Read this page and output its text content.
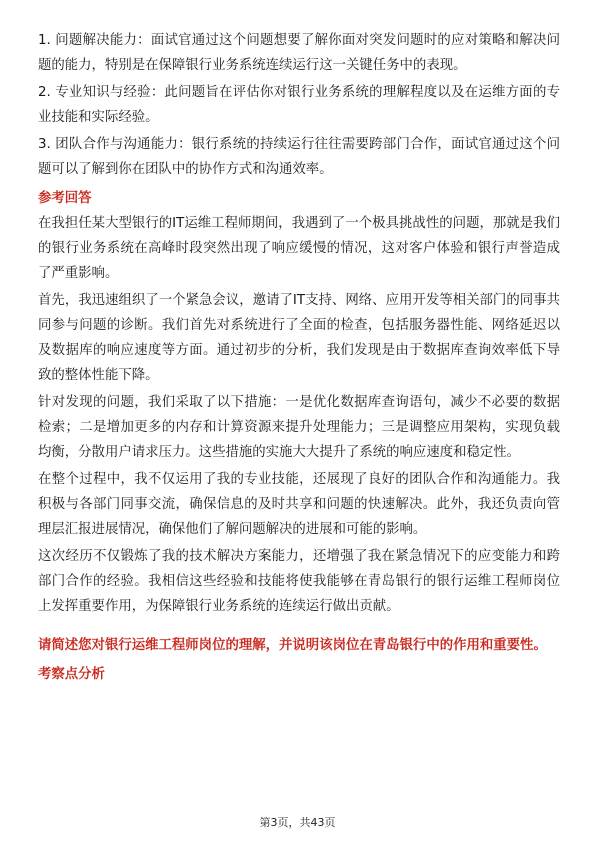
1. 问题解决能力：面试官通过这个问题想要了解你面对突发问题时的应对策略和解决问题的能力，特别是在保障银行业务系统连续运行这一关键任务中的表现。

2. 专业知识与经验：此问题旨在评估你对银行业务系统的理解程度以及在运维方面的专业技能和实际经验。

3. 团队合作与沟通能力：银行系统的持续运行往往需要跨部门合作，面试官通过这个问题可以了解到你在团队中的协作方式和沟通效率。

参考回答

在我担任某大型银行的IT运维工程师期间，我遇到了一个极具挑战性的问题，那就是我们的银行业务系统在高峰时段突然出现了响应缓慢的情况，这对客户体验和银行声誉造成了严重影响。

首先，我迅速组织了一个紧急会议，邀请了IT支持、网络、应用开发等相关部门的同事共同参与问题的诊断。我们首先对系统进行了全面的检查，包括服务器性能、网络延迟以及数据库的响应速度等方面。通过初步的分析，我们发现是由于数据库查询效率低下导致的整体性能下降。

针对发现的问题，我们采取了以下措施：一是优化数据库查询语句，减少不必要的数据检索；二是增加更多的内存和计算资源来提升处理能力；三是调整应用架构，实现负载均衡，分散用户请求压力。这些措施的实施大大提升了系统的响应速度和稳定性。

在整个过程中，我不仅运用了我的专业技能，还展现了良好的团队合作和沟通能力。我积极与各部门同事交流，确保信息的及时共享和问题的快速解决。此外，我还负责向管理层汇报进展情况，确保他们了解问题解决的进展和可能的影响。

这次经历不仅锻炼了我的技术解决方案能力，还增强了我在紧急情况下的应变能力和跨部门合作的经验。我相信这些经验和技能将使我能够在青岛银行的银行运维工程师岗位上发挥重要作用，为保障银行业务系统的连续运行做出贡献。

请简述您对银行运维工程师岗位的理解，并说明该岗位在青岛银行中的作用和重要性。
考察点分析
第3页，共43页
